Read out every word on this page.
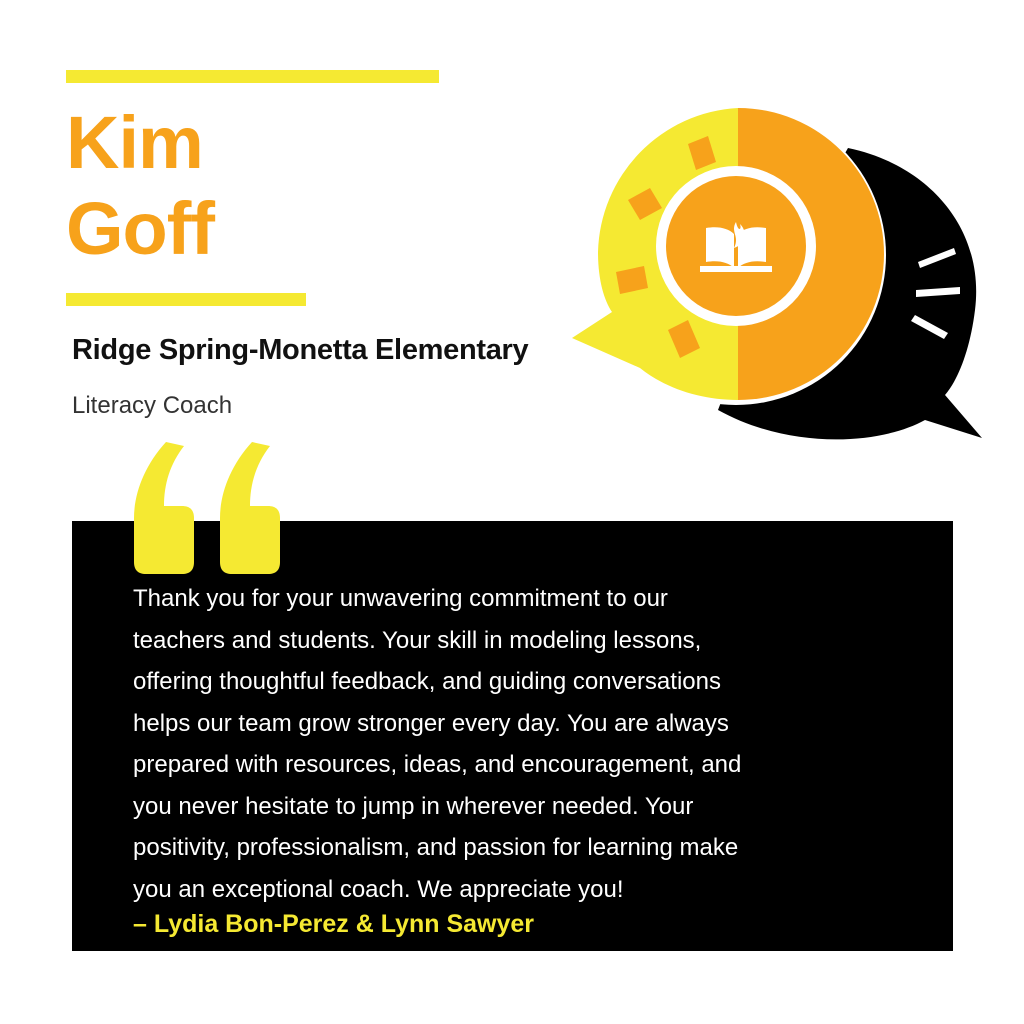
Kim
Goff
Ridge Spring-Monetta Elementary
Literacy Coach
Thank you for your unwavering commitment to our
teachers and students. Your skill in modeling lessons,
offering thoughtful feedback, and guiding conversations
helps our team grow stronger every day. You are always
prepared with resources, ideas, and encouragement, and
you never hesitate to jump in wherever needed. Your
positivity, professionalism, and passion for learning make
you an exceptional coach. We appreciate you!
– Lydia Bon-Perez & Lynn Sawyer
